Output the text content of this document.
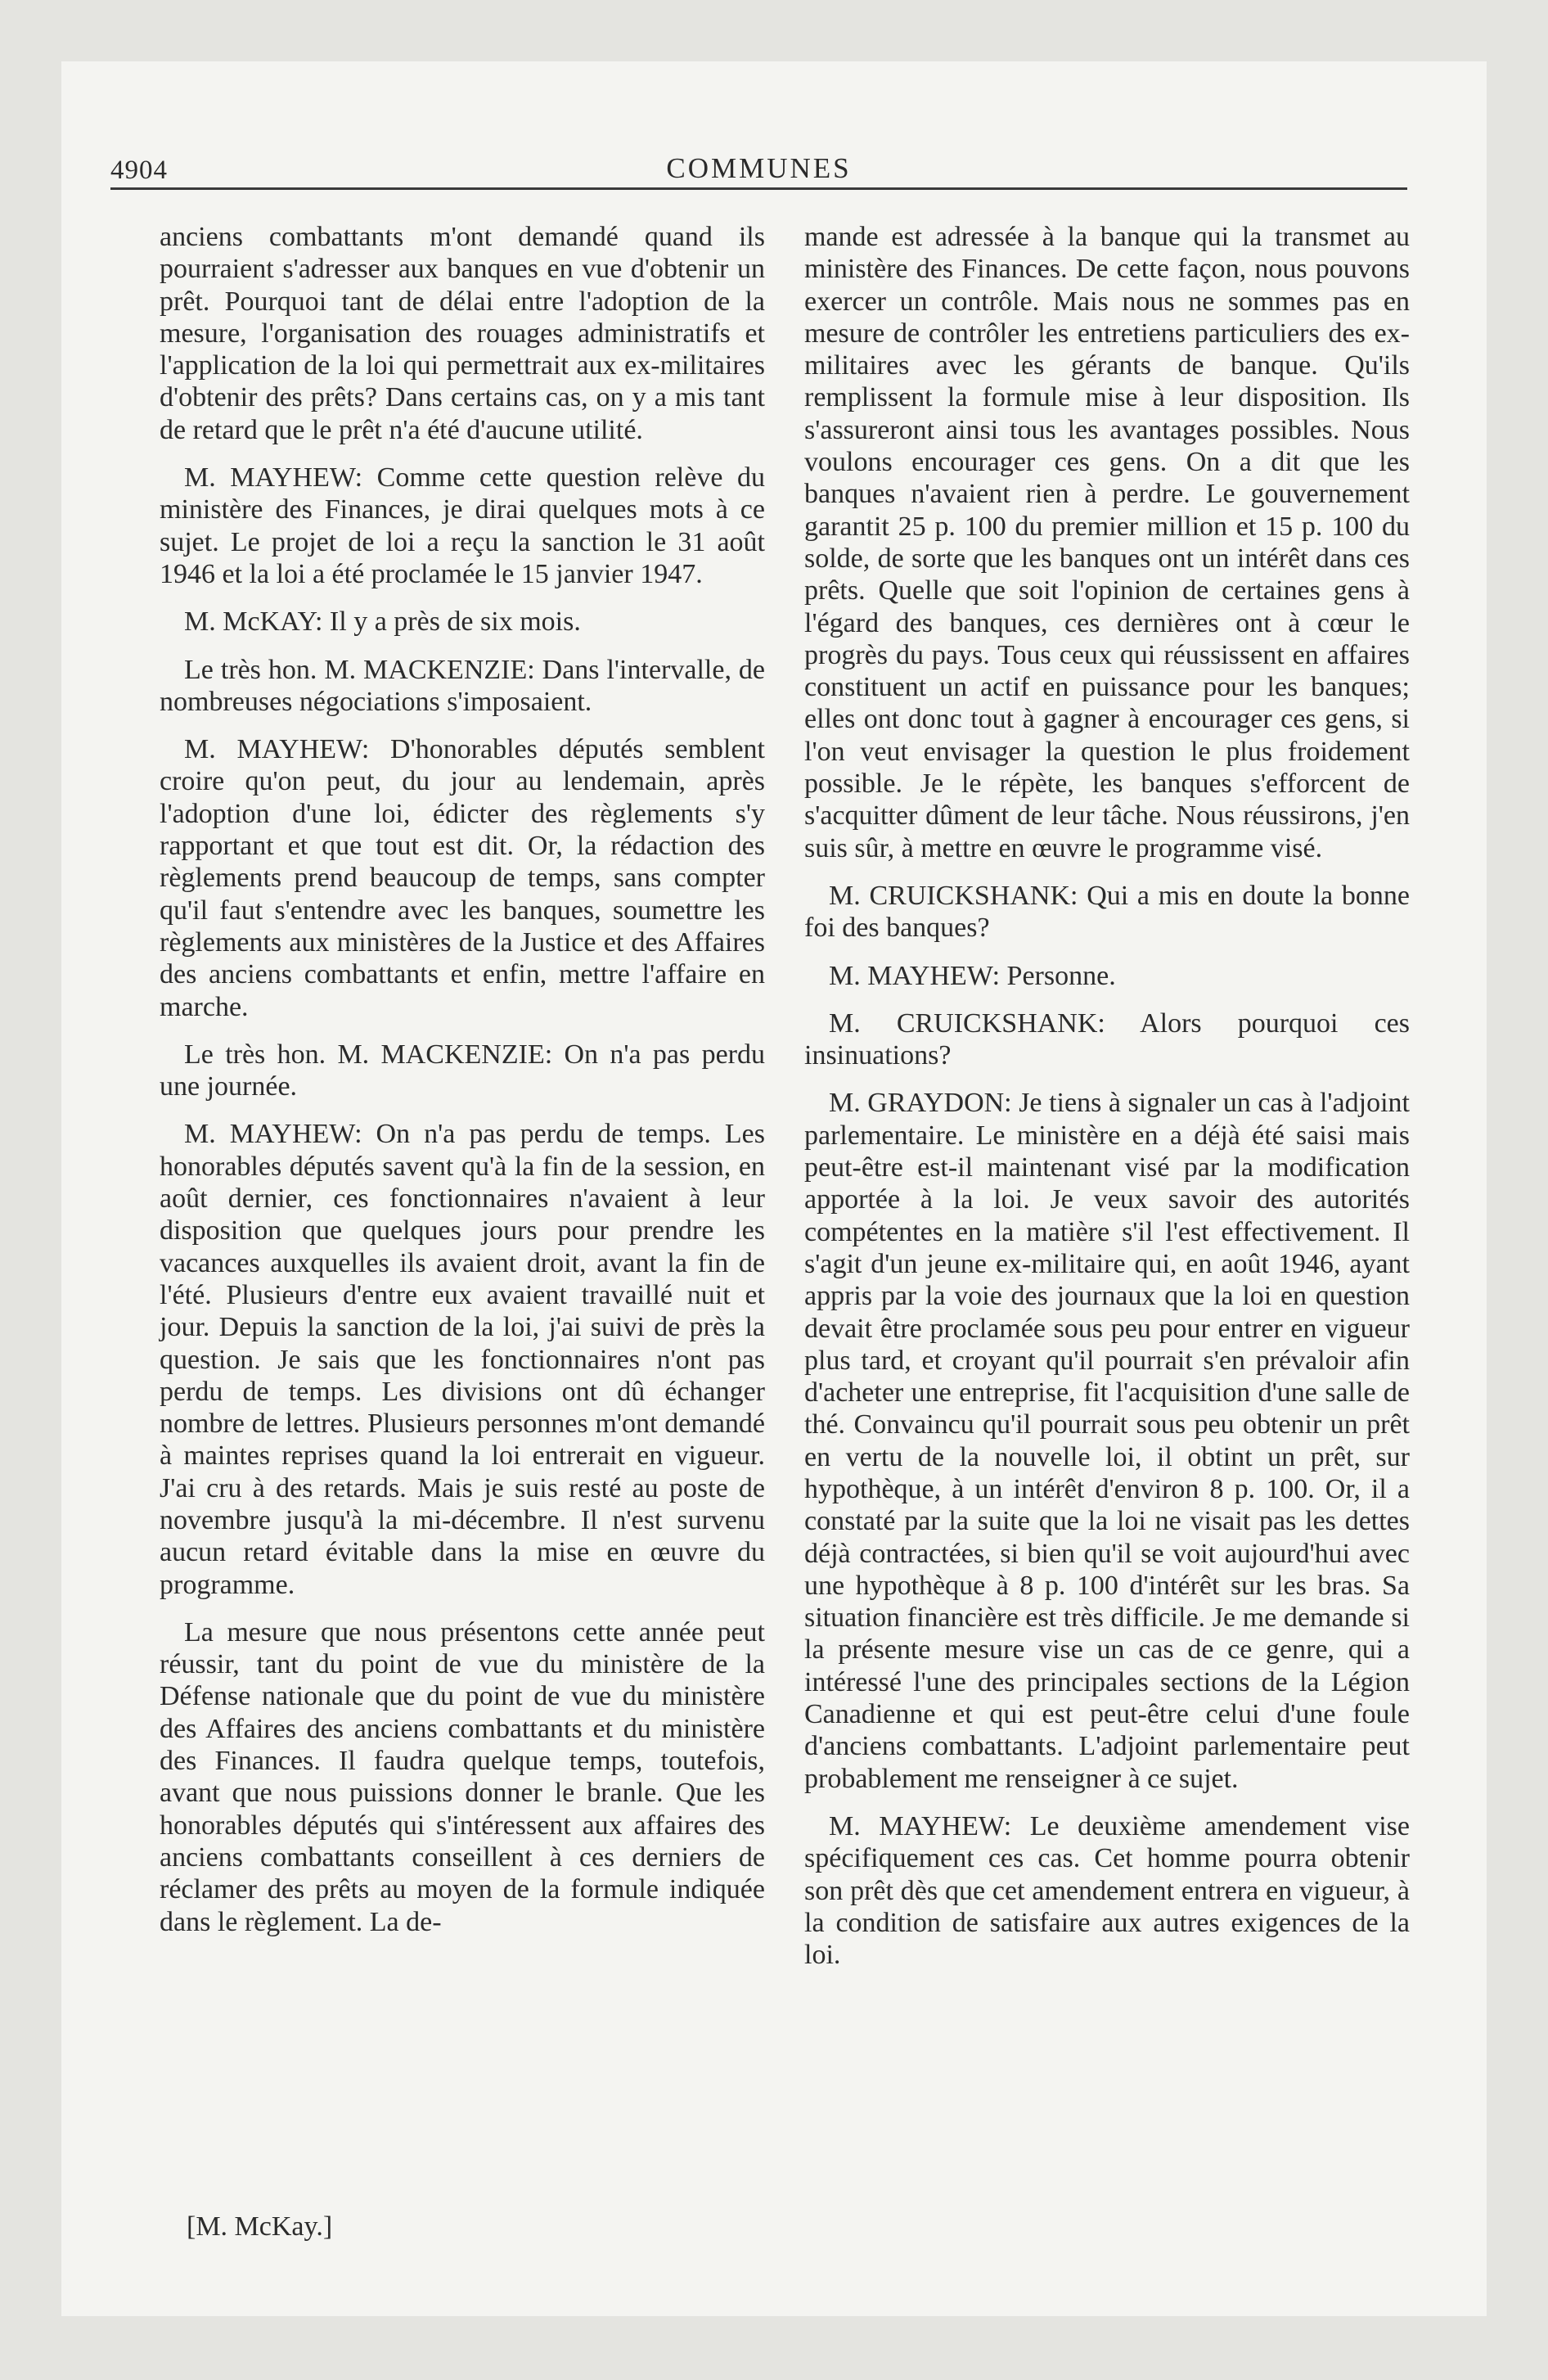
4904	COMMUNES

anciens combattants m'ont demandé quand ils pourraient s'adresser aux banques en vue d'obtenir un prêt. Pourquoi tant de délai entre l'adoption de la mesure, l'organisation des rouages administratifs et l'application de la loi qui permettrait aux ex-militaires d'obtenir des prêts? Dans certains cas, on y a mis tant de retard que le prêt n'a été d'aucune utilité.

M. MAYHEW: Comme cette question relève du ministère des Finances, je dirai quelques mots à ce sujet. Le projet de loi a reçu la sanction le 31 août 1946 et la loi a été proclamée le 15 janvier 1947.

M. McKAY: Il y a près de six mois.

Le très hon. M. MACKENZIE: Dans l'intervalle, de nombreuses négociations s'imposaient.

M. MAYHEW: D'honorables députés semblent croire qu'on peut, du jour au lendemain, après l'adoption d'une loi, édicter des règlements s'y rapportant et que tout est dit. Or, la rédaction des règlements prend beaucoup de temps, sans compter qu'il faut s'entendre avec les banques, soumettre les règlements aux ministères de la Justice et des Affaires des anciens combattants et enfin, mettre l'affaire en marche.

Le très hon. M. MACKENZIE: On n'a pas perdu une journée.

M. MAYHEW: On n'a pas perdu de temps. Les honorables députés savent qu'à la fin de la session, en août dernier, ces fonctionnaires n'avaient à leur disposition que quelques jours pour prendre les vacances auxquelles ils avaient droit, avant la fin de l'été. Plusieurs d'entre eux avaient travaillé nuit et jour. Depuis la sanction de la loi, j'ai suivi de près la question. Je sais que les fonctionnaires n'ont pas perdu de temps. Les divisions ont dû échanger nombre de lettres. Plusieurs personnes m'ont demandé à maintes reprises quand la loi entrerait en vigueur. J'ai cru à des retards. Mais je suis resté au poste de novembre jusqu'à la mi-décembre. Il n'est survenu aucun retard évitable dans la mise en œuvre du programme.

La mesure que nous présentons cette année peut réussir, tant du point de vue du ministère de la Défense nationale que du point de vue du ministère des Affaires des anciens combattants et du ministère des Finances. Il faudra quelque temps, toutefois, avant que nous puissions donner le branle. Que les honorables députés qui s'intéressent aux affaires des anciens combattants conseillent à ces derniers de réclamer des prêts au moyen de la formule indiquée dans le règlement. La de-

[M. McKay.]

mande est adressée à la banque qui la transmet au ministère des Finances. De cette façon, nous pouvons exercer un contrôle. Mais nous ne sommes pas en mesure de contrôler les entretiens particuliers des ex-militaires avec les gérants de banque. Qu'ils remplissent la formule mise à leur disposition. Ils s'assureront ainsi tous les avantages possibles. Nous voulons encourager ces gens. On a dit que les banques n'avaient rien à perdre. Le gouvernement garantit 25 p. 100 du premier million et 15 p. 100 du solde, de sorte que les banques ont un intérêt dans ces prêts. Quelle que soit l'opinion de certaines gens à l'égard des banques, ces dernières ont à cœur le progrès du pays. Tous ceux qui réussissent en affaires constituent un actif en puissance pour les banques; elles ont donc tout à gagner à encourager ces gens, si l'on veut envisager la question le plus froidement possible. Je le répète, les banques s'efforcent de s'acquitter dûment de leur tâche. Nous réussirons, j'en suis sûr, à mettre en œuvre le programme visé.

M. CRUICKSHANK: Qui a mis en doute la bonne foi des banques?

M. MAYHEW: Personne.

M. CRUICKSHANK: Alors pourquoi ces insinuations?

M. GRAYDON: Je tiens à signaler un cas à l'adjoint parlementaire. Le ministère en a déjà été saisi mais peut-être est-il maintenant visé par la modification apportée à la loi. Je veux savoir des autorités compétentes en la matière s'il l'est effectivement. Il s'agit d'un jeune ex-militaire qui, en août 1946, ayant appris par la voie des journaux que la loi en question devait être proclamée sous peu pour entrer en vigueur plus tard, et croyant qu'il pourrait s'en prévaloir afin d'acheter une entreprise, fit l'acquisition d'une salle de thé. Convaincu qu'il pourrait sous peu obtenir un prêt en vertu de la nouvelle loi, il obtint un prêt, sur hypothèque, à un intérêt d'environ 8 p. 100. Or, il a constaté par la suite que la loi ne visait pas les dettes déjà contractées, si bien qu'il se voit aujourd'hui avec une hypothèque à 8 p. 100 d'intérêt sur les bras. Sa situation financière est très difficile. Je me demande si la présente mesure vise un cas de ce genre, qui a intéressé l'une des principales sections de la Légion Canadienne et qui est peut-être celui d'une foule d'anciens combattants. L'adjoint parlementaire peut probablement me renseigner à ce sujet.

M. MAYHEW: Le deuxième amendement vise spécifiquement ces cas. Cet homme pourra obtenir son prêt dès que cet amendement entrera en vigueur, à la condition de satisfaire aux autres exigences de la loi.
